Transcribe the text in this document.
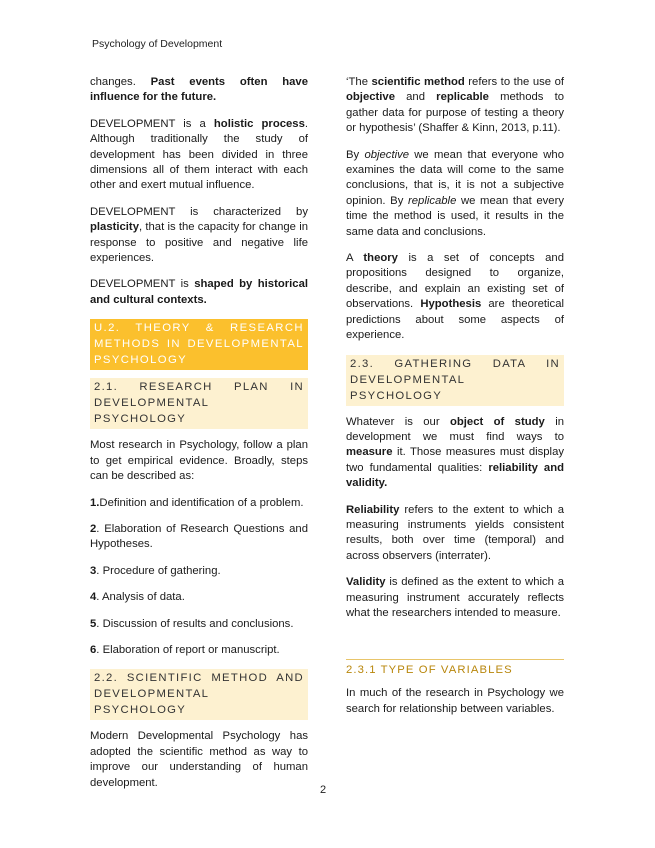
Psychology of Development

changes. Past events often have influence for the future.

DEVELOPMENT is a holistic process. Although traditionally the study of development has been divided in three dimensions all of them interact with each other and exert mutual influence.

DEVELOPMENT is characterized by plasticity, that is the capacity for change in response to positive and negative life experiences.

DEVELOPMENT is shaped by historical and cultural contexts.

U.2. THEORY & RESEARCH METHODS IN DEVELOPMENTAL PSYCHOLOGY
2.1. RESEARCH PLAN IN DEVELOPMENTAL PSYCHOLOGY

Most research in Psychology, follow a plan to get empirical evidence. Broadly, steps can be described as:

1.Definition and identification of a problem.

2. Elaboration of Research Questions and Hypotheses.

3. Procedure of gathering.

4. Analysis of data.

5. Discussion of results and conclusions.

6. Elaboration of report or manuscript.

2.2. SCIENTIFIC METHOD AND DEVELOPMENTAL PSYCHOLOGY

Modern Developmental Psychology has adopted the scientific method as way to improve our understanding of human development.

‘The scientific method refers to the use of objective and replicable methods to gather data for purpose of testing a theory or hypothesis’ (Shaffer & Kinn, 2013, p.11).

By objective we mean that everyone who examines the data will come to the same conclusions, that is, it is not a subjective opinion. By replicable we mean that every time the method is used, it results in the same data and conclusions.

A theory is a set of concepts and propositions designed to organize, describe, and explain an existing set of observations. Hypothesis are theoretical predictions about some aspects of experience.

2.3. GATHERING DATA IN DEVELOPMENTAL PSYCHOLOGY

Whatever is our object of study in development we must find ways to measure it. Those measures must display two fundamental qualities: reliability and validity.

Reliability refers to the extent to which a measuring instruments yields consistent results, both over time (temporal) and across observers (interrater).

Validity is defined as the extent to which a measuring instrument accurately reflects what the researchers intended to measure.

2.3.1 TYPE OF VARIABLES

In much of the research in Psychology we search for relationship between variables.

2
